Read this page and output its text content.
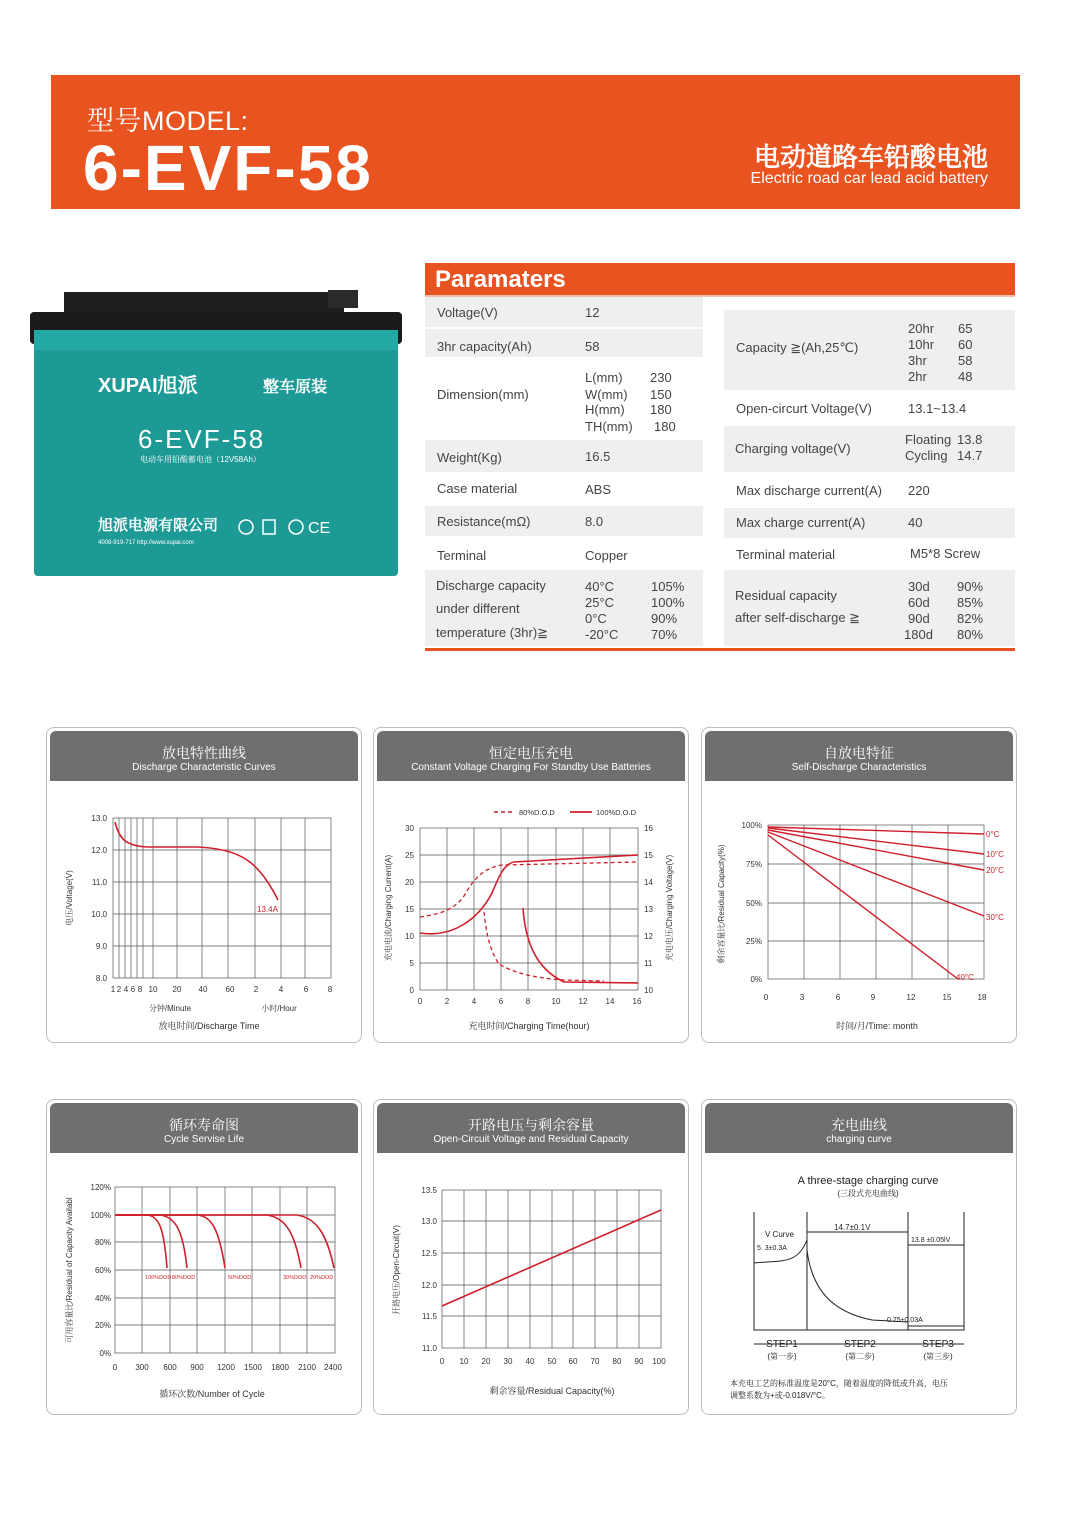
型号MODEL:
6-EVF-58	电动道路车铅酸电池
Electric road car lead acid battery
XUPAI旭派	整车原装
6-EVF-58
电动车用铅酸蓄电池（12V58Ah）
旭派电源有限公司
4008-919-717 http://www.xupai.com
CE
Paramaters
Voltage(V)	12
3hr capacity(Ah)	58
Dimension(mm)
L(mm) 230
W(mm) 150
H(mm) 180
TH(mm) 180
Weight(Kg)	16.5
Case material	ABS
Resistance(mΩ)	8.0
Terminal	Copper
Discharge capacity
under different
temperature (3hr)≧
40°C	105%
25°C	100%
0°C	90%
-20°C	70%
Capacity ≧(Ah,25℃)
20hr 65
10hr 60
3hr 58
2hr 48
Open-circurt Voltage(V)	13.1~13.4
Charging voltage(V)
Floating 13.8
Cycling 14.7
Max discharge current(A) 220
Max charge current(A)	40
Terminal material	M5*8 Screw
Residual capacity
after self-discharge ≧
30d 90%
60d 85%
90d 82%
180d 80%
放电特性曲线
Discharge Characteristic Curves
13.4A
13.0
12.0
11.0
10.0
9.0
8.0
1 2 4 6 8 10 20 40 60 2	4	6 8
分钟/Minute	小时/Hour
放电时间/Discharge Time
电压/Voltage(V)
恒定电压充电
Constant Voltage Charging For Standby Use Batteries
80%D.O.D	100%D.O.D
30
25
20
15
10
5
0
16
15
14
13
12
11
10
0	2	4	6	8	10 12 14 16
充电时间/Charging Time(hour)
充电电流/Charging Current(A)	充电电压/Charging Voltage(V)
自放电特征
Self-Discharge Characteristics
0°C
10°C
20°C
30°C
40°C
100%
75%
50%
25%
0%
0	3	6	9	12	15	18
时间/月/Time: month
剩余容量比/Residual Capacity(%)
循环寿命图
Cycle Servise Life
100%DOD 80%DOD	50%DOD	30%DOD 20%DOD
120%
100%
80%
60%
40%
20%
0%
0 300 600 900 1200 1500 1800 2100 2400
循环次数/Number of Cycle
可用容量比/Residual of Capacity Availabl
开路电压与剩余容量
Open-Circuit Voltage and Residual Capacity
13.5
13.0
12.5
12.0
11.5
11.0
0 10 20 30 40 50 60 70 80 90 100
剩余容量/Residual Capacity(%)
开路电压/Open-Circuit(V)
充电曲线
charging curve
A three-stage charging curve
(三段式充电曲线)
V Curve
5. 3±0.3A
14.7±0.1V
13.8 ±0.05lV
0.75±0.03A
STEP1	STEP2	STEP3
(第一步)	(第二步)	(第三步)
本充电工艺的标准温度是20°C，随着温度的降低或升高，电压
调整系数为+或-0.018V/°C。
